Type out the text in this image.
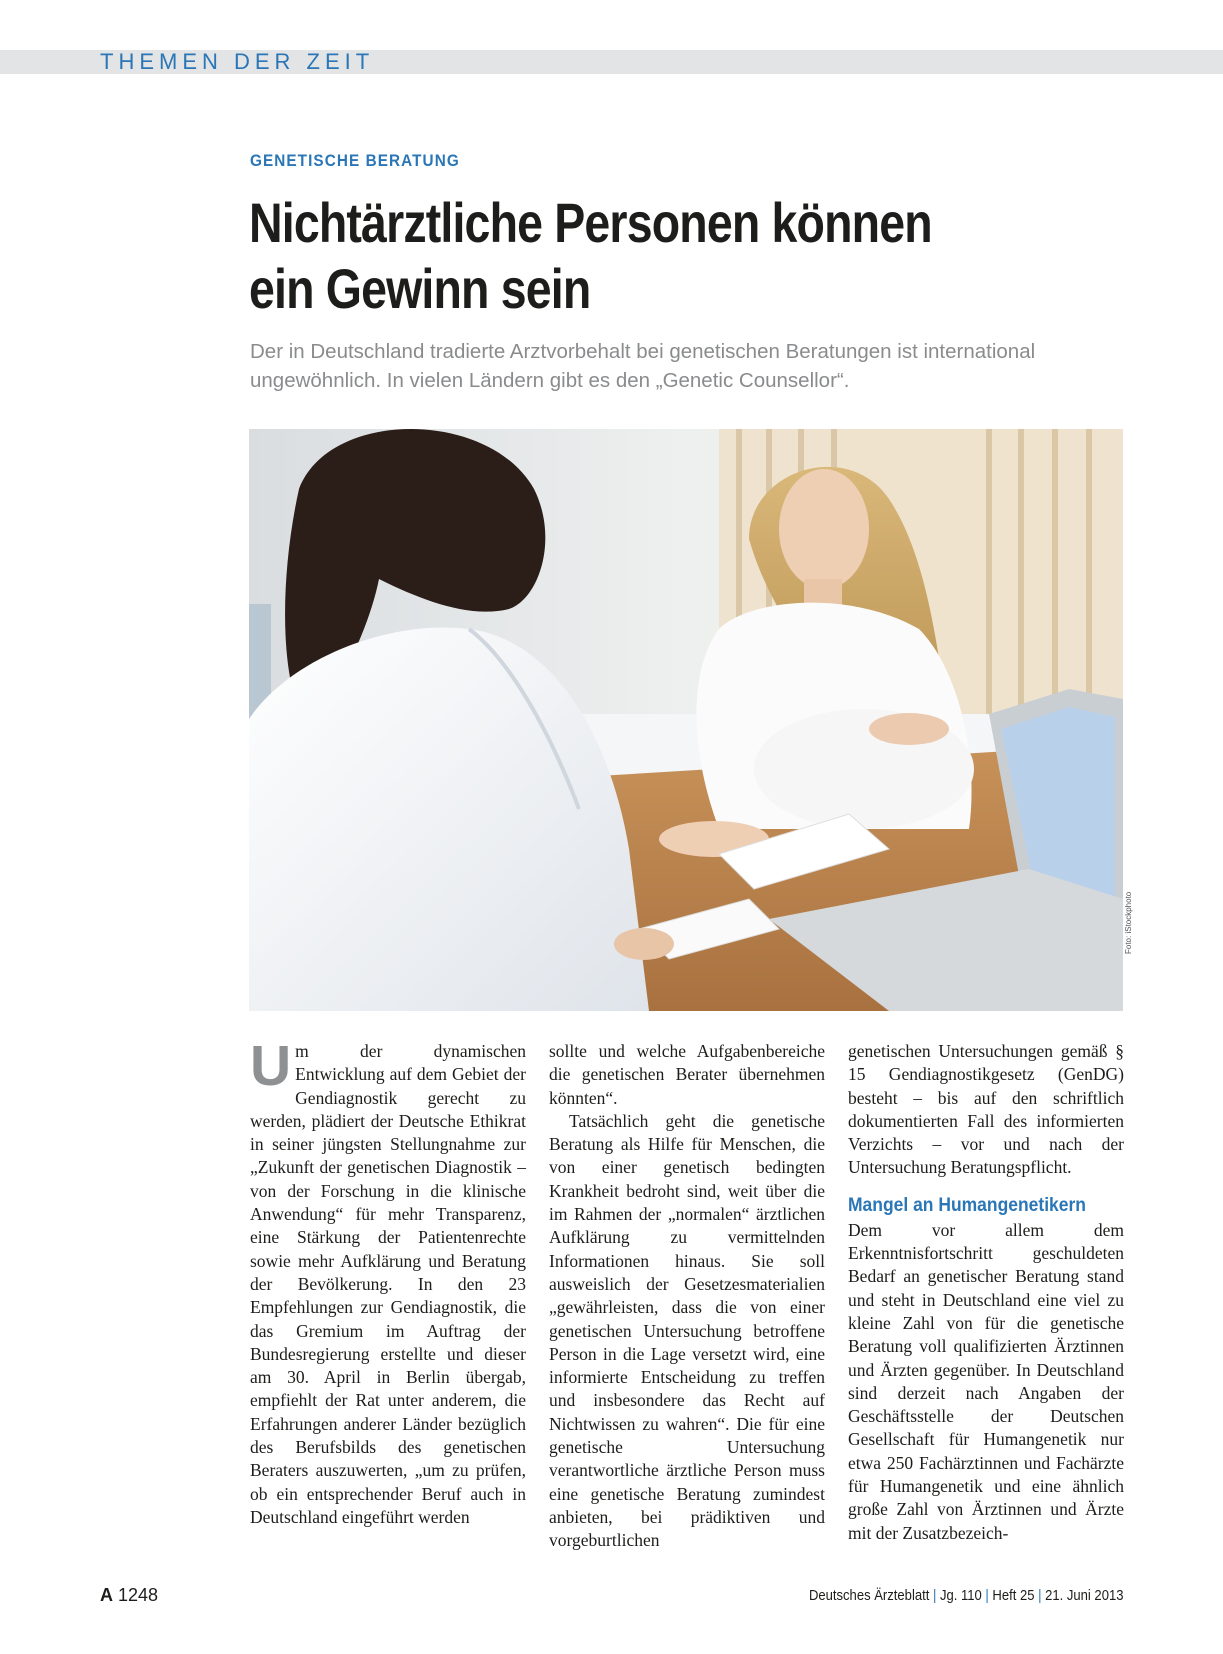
THEMEN DER ZEIT
GENETISCHE BERATUNG
Nichtärztliche Personen können
ein Gewinn sein
Der in Deutschland tradierte Arztvorbehalt bei genetischen Beratungen ist international ungewöhnlich. In vielen Ländern gibt es den „Genetic Counsellor“.
Foto: iStockphoto
U m der dynamischen Entwicklung auf dem Gebiet der Gendiagnostik gerecht zu werden, plädiert der Deutsche Ethikrat in seiner jüngsten Stellungnahme zur „Zukunft der genetischen Diagnostik – von der Forschung in die klinische Anwendung“ für mehr Transparenz, eine Stärkung der Patientenrechte sowie mehr Aufklärung und Beratung der Bevölkerung. In den 23 Empfehlungen zur Gendiagnostik, die das Gremium im Auftrag der Bundesregierung erstellte und dieser am 30. April in Berlin übergab, empfiehlt der Rat unter anderem, die Erfahrungen anderer Länder bezüglich des Berufsbilds des genetischen Beraters auszuwerten, „um zu prüfen, ob ein entsprechender Beruf auch in Deutschland eingeführt werden

sollte und welche Aufgabenbereiche die genetischen Berater übernehmen könnten“.

Tatsächlich geht die genetische Beratung als Hilfe für Menschen, die von einer genetisch bedingten Krankheit bedroht sind, weit über die im Rahmen der „normalen“ ärztlichen Aufklärung zu vermittelnden Informationen hinaus. Sie soll ausweislich der Gesetzesmaterialien „gewährleisten, dass die von einer genetischen Untersuchung betroffene Person in die Lage versetzt wird, eine informierte Entscheidung zu treffen und insbesondere das Recht auf Nichtwissen zu wahren“. Die für eine genetische Untersuchung verantwortliche ärztliche Person muss eine genetische Beratung zumindest anbieten, bei prädiktiven und vorgeburtlichen

genetischen Untersuchungen gemäß § 15 Gendiagnostikgesetz (GenDG) besteht – bis auf den schriftlich dokumentierten Fall des informierten Verzichts – vor und nach der Untersuchung Beratungspflicht.

Mangel an Humangenetikern

Dem vor allem dem Erkenntnisfortschritt geschuldeten Bedarf an genetischer Beratung stand und steht in Deutschland eine viel zu kleine Zahl von für die genetische Beratung voll qualifizierten Ärztinnen und Ärzten gegenüber. In Deutschland sind derzeit nach Angaben der Geschäftsstelle der Deutschen Gesellschaft für Humangenetik nur etwa 250 Fachärztinnen und Fachärzte für Humangenetik und eine ähnlich große Zahl von Ärztinnen und Ärzte mit der Zusatzbezeich-

A 1248	Deutsches Ärzteblatt | Jg. 110 | Heft 25 | 21. Juni 2013
